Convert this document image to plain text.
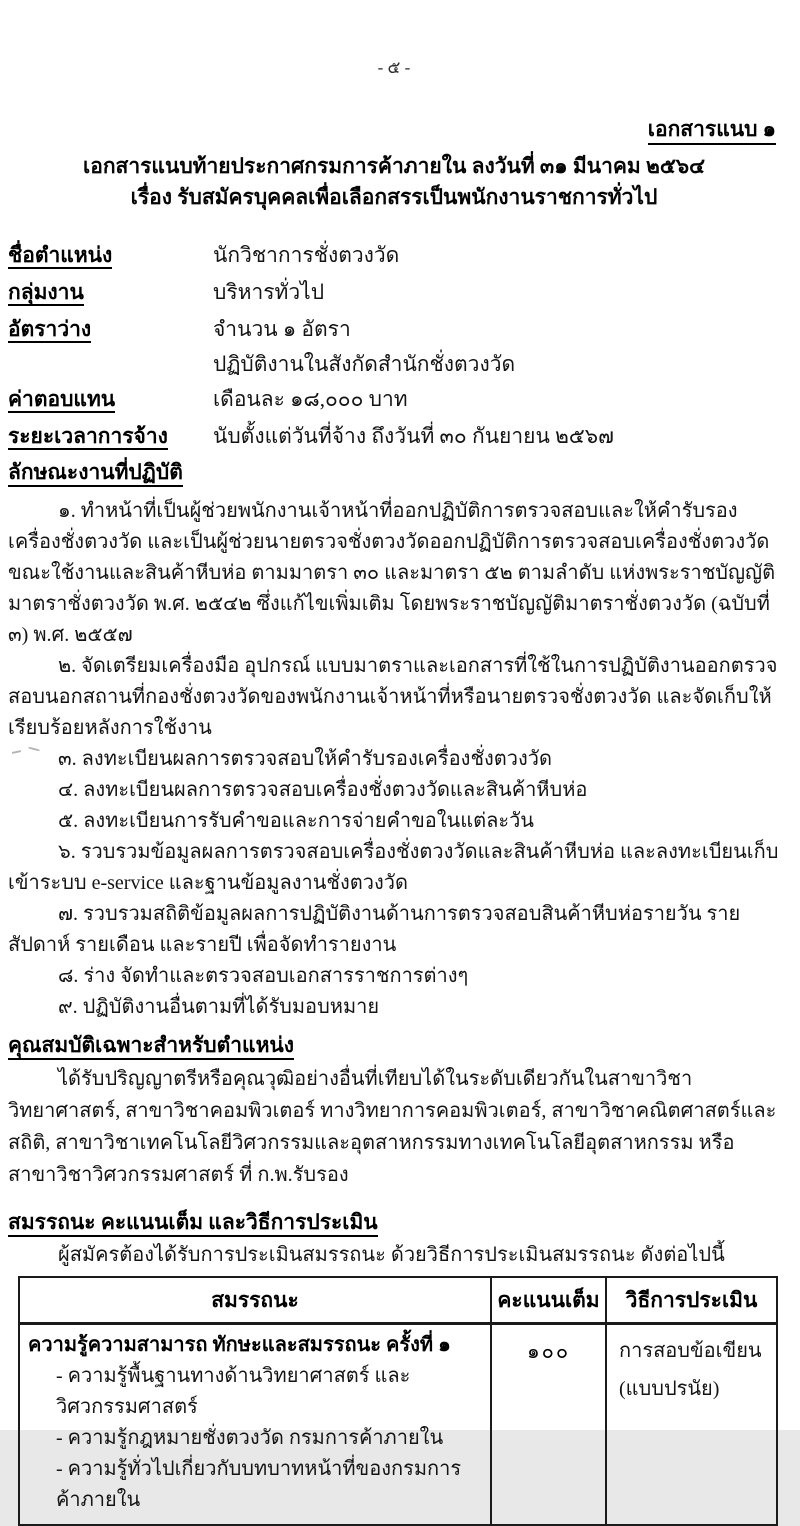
- ๕ -
เอกสารแนบ ๑

เอกสารแนบท้ายประกาศกรมการค้าภายใน ลงวันที่ ๓๑ มีนาคม ๒๕๖๔

เรื่อง รับสมัครบุคคลเพื่อเลือกสรรเป็นพนักงานราชการทั่วไป

ชื่อตำแหน่ง	นักวิชาการชั่งตวงวัด
กลุ่มงาน	บริหารทั่วไป
อัตราว่าง	จำนวน ๑ อัตรา
ปฏิบัติงานในสังกัดสำนักชั่งตวงวัด
ค่าตอบแทน	เดือนละ ๑๘,๐๐๐ บาท
ระยะเวลาการจ้าง	นับตั้งแต่วันที่จ้าง ถึงวันที่ ๓๐ กันยายน ๒๕๖๗
ลักษณะงานที่ปฏิบัติ

๑. ทำหน้าที่เป็นผู้ช่วยพนักงานเจ้าหน้าที่ออกปฏิบัติการตรวจสอบและให้คำรับรองเครื่องชั่งตวงวัด และเป็นผู้ช่วยนายตรวจชั่งตวงวัดออกปฏิบัติการตรวจสอบเครื่องชั่งตวงวัดขณะใช้งานและสินค้าหีบห่อ ตามมาตรา ๓๐ และมาตรา ๕๒ ตามลำดับ แห่งพระราชบัญญัติมาตราชั่งตวงวัด พ.ศ. ๒๕๔๒ ซึ่งแก้ไขเพิ่มเติม โดยพระราชบัญญัติมาตราชั่งตวงวัด (ฉบับที่ ๓) พ.ศ. ๒๕๕๗

๒. จัดเตรียมเครื่องมือ อุปกรณ์ แบบมาตราและเอกสารที่ใช้ในการปฏิบัติงานออกตรวจสอบนอกสถานที่กองชั่งตวงวัดของพนักงานเจ้าหน้าที่หรือนายตรวจชั่งตวงวัด และจัดเก็บให้เรียบร้อยหลังการใช้งาน

๓. ลงทะเบียนผลการตรวจสอบให้คำรับรองเครื่องชั่งตวงวัด

๔. ลงทะเบียนผลการตรวจสอบเครื่องชั่งตวงวัดและสินค้าหีบห่อ

๕. ลงทะเบียนการรับคำขอและการจ่ายคำขอในแต่ละวัน

๖. รวบรวมข้อมูลผลการตรวจสอบเครื่องชั่งตวงวัดและสินค้าหีบห่อ และลงทะเบียนเก็บเข้าระบบ e-service และฐานข้อมูลงานชั่งตวงวัด

๗. รวบรวมสถิติข้อมูลผลการปฏิบัติงานด้านการตรวจสอบสินค้าหีบห่อรายวัน รายสัปดาห์ รายเดือน และรายปี เพื่อจัดทำรายงาน

๘. ร่าง จัดทำและตรวจสอบเอกสารราชการต่างๆ

๙. ปฏิบัติงานอื่นตามที่ได้รับมอบหมาย

คุณสมบัติเฉพาะสำหรับตำแหน่ง

ได้รับปริญญาตรีหรือคุณวุฒิอย่างอื่นที่เทียบได้ในระดับเดียวกันในสาขาวิชาวิทยาศาสตร์, สาขาวิชาคอมพิวเตอร์ ทางวิทยาการคอมพิวเตอร์, สาขาวิชาคณิตศาสตร์และสถิติ, สาขาวิชาเทคโนโลยีวิศวกรรมและอุตสาหกรรมทางเทคโนโลยีอุตสาหกรรม หรือสาขาวิชาวิศวกรรมศาสตร์ ที่ ก.พ.รับรอง

สมรรถนะ คะแนนเต็ม และวิธีการประเมิน

ผู้สมัครต้องได้รับการประเมินสมรรถนะ ด้วยวิธีการประเมินสมรรถนะ ดังต่อไปนี้

สมรรถนะ	คะแนนเต็ม	วิธีการประเมิน

ความรู้ความสามารถ ทักษะและสมรรถนะ ครั้งที่ ๑
- ความรู้พื้นฐานทางด้านวิทยาศาสตร์ และวิศวกรรมศาสตร์
- ความรู้กฎหมายชั่งตวงวัด กรมการค้าภายใน
- ความรู้ทั่วไปเกี่ยวกับบทบาทหน้าที่ของกรมการค้าภายใน
	๑๐๐	การสอบข้อเขียน
(แบบปรนัย)
